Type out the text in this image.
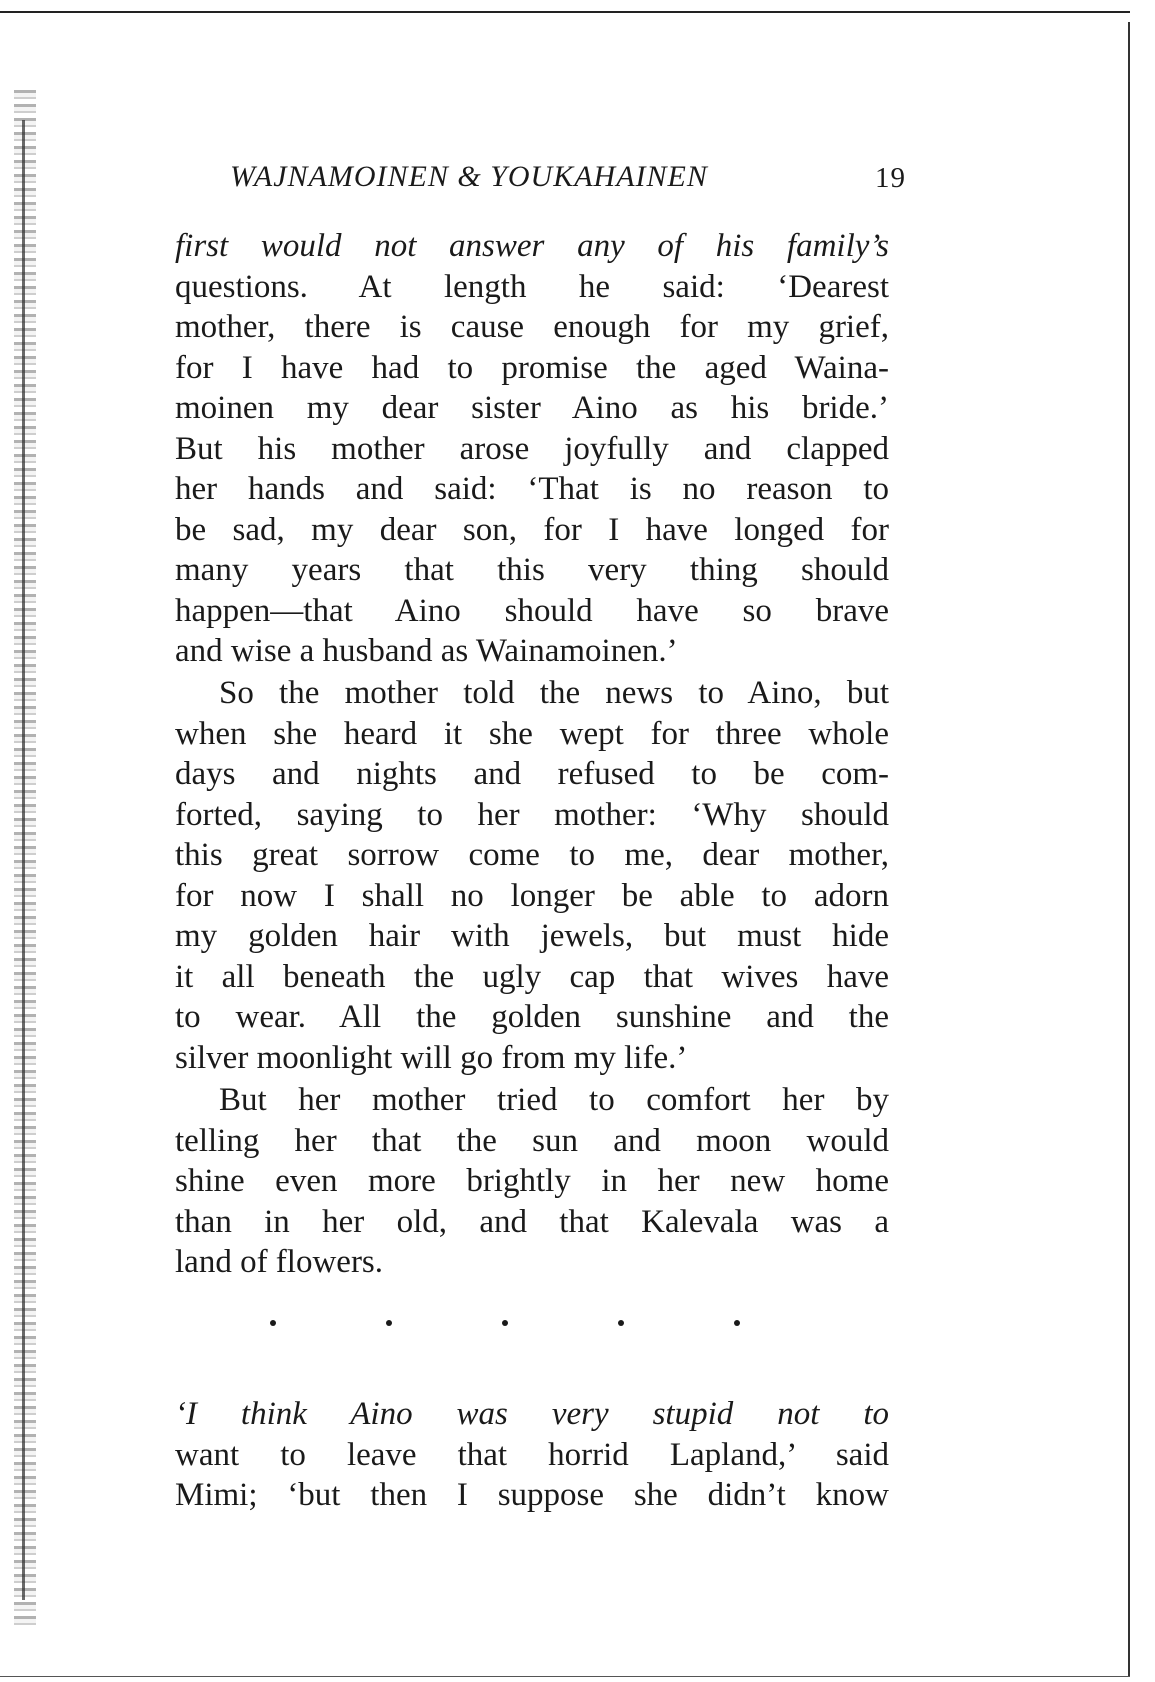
WAJNAMOINEN & YOUKAHAINEN	19
first would not answer any of his family’s
questions. At length he said: ‘Dearest
mother, there is cause enough for my grief,
for I have had to promise the aged Waina-
moinen my dear sister Aino as his bride.’
But his mother arose joyfully and clapped
her hands and said: ‘That is no reason to
be sad, my dear son, for I have longed for
many years that this very thing should
happen—that Aino should have so brave
and wise a husband as Wainamoinen.’
So the mother told the news to Aino, but
when she heard it she wept for three whole
days and nights and refused to be com-
forted, saying to her mother: ‘Why should
this great sorrow come to me, dear mother,
for now I shall no longer be able to adorn
my golden hair with jewels, but must hide
it all beneath the ugly cap that wives have
to wear. All the golden sunshine and the
silver moonlight will go from my life.’
But her mother tried to comfort her by
telling her that the sun and moon would
shine even more brightly in her new home
than in her old, and that Kalevala was a
land of flowers.
‘I think Aino was very stupid not to
want to leave that horrid Lapland,’ said
Mimi; ‘but then I suppose she didn’t know
